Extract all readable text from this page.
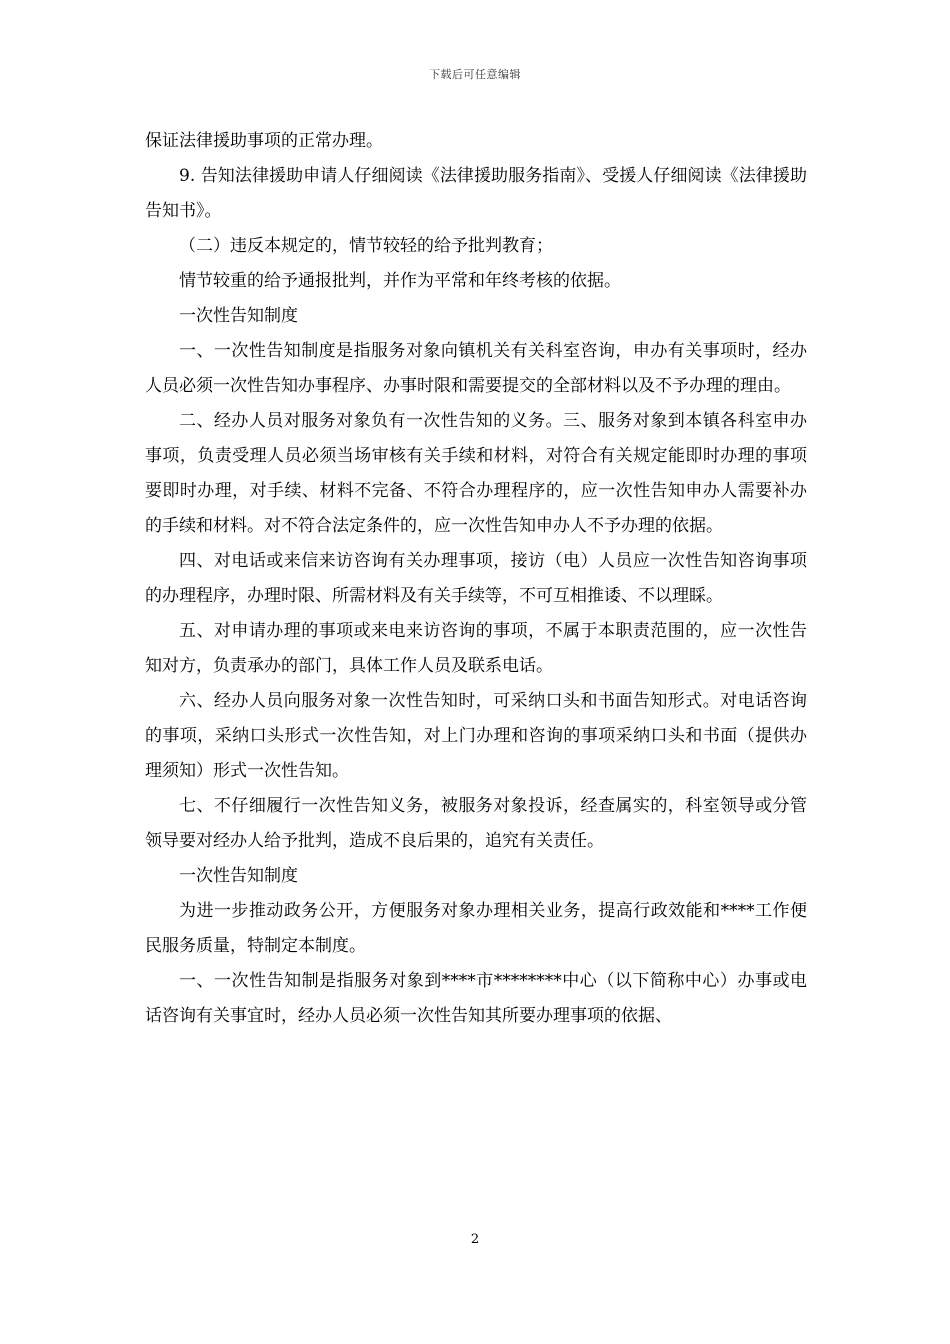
下载后可任意编辑

保证法律援助事项的正常办理。

9. 告知法律援助申请人仔细阅读《法律援助服务指南》、受援人仔细阅读《法律援助告知书》。

（二）违反本规定的，情节较轻的给予批判教育；

情节较重的给予通报批判，并作为平常和年终考核的依据。

一次性告知制度

一、一次性告知制度是指服务对象向镇机关有关科室咨询，申办有关事项时，经办人员必须一次性告知办事程序、办事时限和需要提交的全部材料以及不予办理的理由。

二、经办人员对服务对象负有一次性告知的义务。三、服务对象到本镇各科室申办事项，负责受理人员必须当场审核有关手续和材料，对符合有关规定能即时办理的事项要即时办理，对手续、材料不完备、不符合办理程序的，应一次性告知申办人需要补办的手续和材料。对不符合法定条件的，应一次性告知申办人不予办理的依据。

四、对电话或来信来访咨询有关办理事项，接访（电）人员应一次性告知咨询事项的办理程序，办理时限、所需材料及有关手续等，不可互相推诿、不以理睬。

五、对申请办理的事项或来电来访咨询的事项，不属于本职责范围的，应一次性告知对方，负责承办的部门，具体工作人员及联系电话。

六、经办人员向服务对象一次性告知时，可采纳口头和书面告知形式。对电话咨询的事项，采纳口头形式一次性告知，对上门办理和咨询的事项采纳口头和书面（提供办理须知）形式一次性告知。

七、不仔细履行一次性告知义务，被服务对象投诉，经查属实的，科室领导或分管领导要对经办人给予批判，造成不良后果的，追究有关责任。

一次性告知制度

为进一步推动政务公开，方便服务对象办理相关业务，提高行政效能和****工作便民服务质量，特制定本制度。

一、一次性告知制是指服务对象到****市********中心（以下简称中心）办事或电话咨询有关事宜时，经办人员必须一次性告知其所要办理事项的依据、

2
